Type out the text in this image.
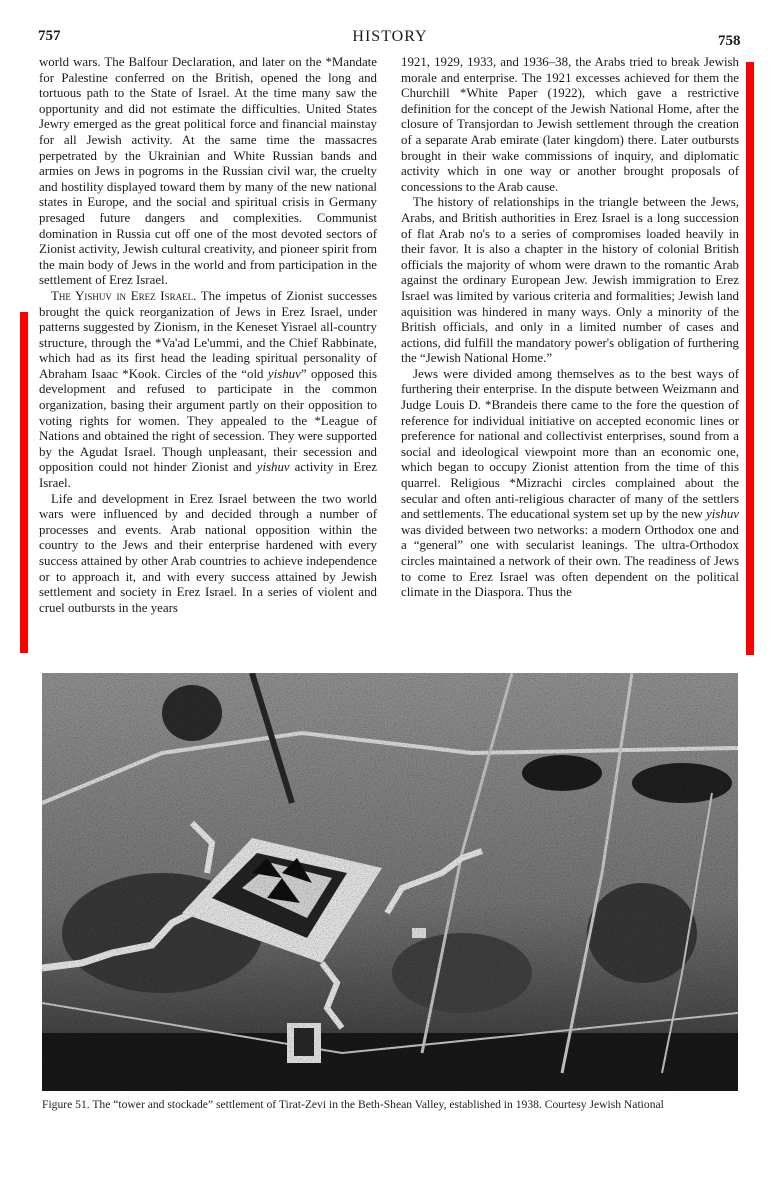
757	HISTORY	758

world wars. The Balfour Declaration, and later on the *Mandate for Palestine conferred on the British, opened the long and tortuous path to the State of Israel. At the time many saw the opportunity and did not estimate the difficulties. United States Jewry emerged as the great political force and financial mainstay for all Jewish activity. At the same time the massacres perpetrated by the Ukrainian and White Russian bands and armies on Jews in pogroms in the Russian civil war, the cruelty and hostility displayed toward them by many of the new national states in Europe, and the social and spiritual crisis in Germany presaged future dangers and complexities. Communist domination in Russia cut off one of the most devoted sectors of Zionist activity, Jewish cultural creativity, and pioneer spirit from the main body of Jews in the world and from participation in the settlement of Erez Israel.

The Yishuv in Erez Israel. The impetus of Zionist successes brought the quick reorganization of Jews in Erez Israel, under patterns suggested by Zionism, in the Keneset Yisrael all-country structure, through the *Va'ad Le'ummi, and the Chief Rabbinate, which had as its first head the leading spiritual personality of Abraham Isaac *Kook. Circles of the “old yishuv” opposed this development and refused to participate in the common organization, basing their argument partly on their opposition to voting rights for women. They appealed to the *League of Nations and obtained the right of secession. They were supported by the Agudat Israel. Though unpleasant, their secession and opposition could not hinder Zionist and yishuv activity in Erez Israel.

Life and development in Erez Israel between the two world wars were influenced by and decided through a number of processes and events. Arab national opposition within the country to the Jews and their enterprise hardened with every success attained by other Arab countries to achieve independence or to approach it, and with every success attained by Jewish settlement and society in Erez Israel. In a series of violent and cruel outbursts in the years

1921, 1929, 1933, and 1936–38, the Arabs tried to break Jewish morale and enterprise. The 1921 excesses achieved for them the Churchill *White Paper (1922), which gave a restrictive definition for the concept of the Jewish National Home, after the closure of Transjordan to Jewish settlement through the creation of a separate Arab emirate (later kingdom) there. Later outbursts brought in their wake commissions of inquiry, and diplomatic activity which in one way or another brought proposals of concessions to the Arab cause.

The history of relationships in the triangle between the Jews, Arabs, and British authorities in Erez Israel is a long succession of flat Arab no's to a series of compromises loaded heavily in their favor. It is also a chapter in the history of colonial British officials the majority of whom were drawn to the romantic Arab against the ordinary European Jew. Jewish immigration to Erez Israel was limited by various criteria and formalities; Jewish land aquisition was hindered in many ways. Only a minority of the British officials, and only in a limited number of cases and actions, did fulfill the mandatory power's obligation of furthering the “Jewish National Home.”

Jews were divided among themselves as to the best ways of furthering their enterprise. In the dispute between Weizmann and Judge Louis D. *Brandeis there came to the fore the question of reference for individual initiative on accepted economic lines or preference for national and collectivist enterprises, sound from a social and ideological viewpoint more than an economic one, which began to occupy Zionist attention from the time of this quarrel. Religious *Mizrachi circles complained about the secular and often anti-religious character of many of the settlers and settlements. The educational system set up by the new yishuv was divided between two networks: a modern Orthodox one and a “general” one with secularist leanings. The ultra-Orthodox circles maintained a network of their own. The readiness of Jews to come to Erez Israel was often dependent on the political climate in the Diaspora. Thus the

Figure 51. The “tower and stockade” settlement of Tirat-Zevi in the Beth-Shean Valley, established in 1938. Courtesy Jewish National
